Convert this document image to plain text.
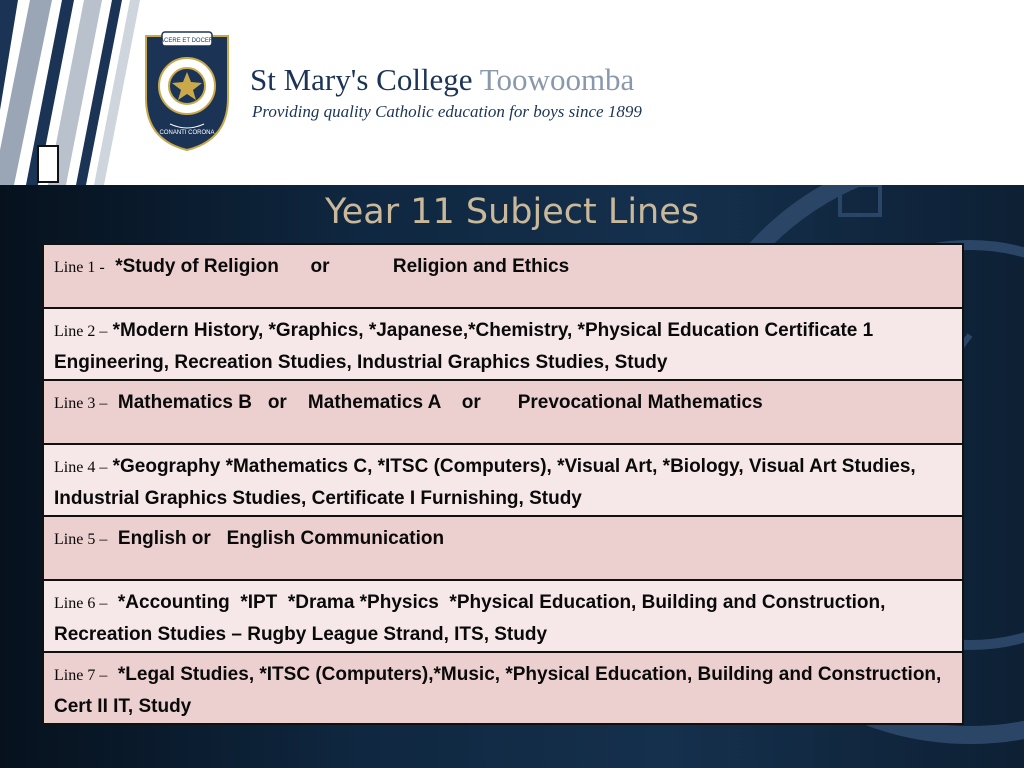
FACERE ET DOCERE
CONANTI CORONA
St Mary's College Toowoomba
Providing quality Catholic education for boys since 1899
Year 11 Subject Lines
Line 1 - *Study of Religion      or            Religion and Ethics
Line 2 – *Modern History, *Graphics, *Japanese,*Chemistry, *Physical Education Certificate 1 Engineering, Recreation Studies, Industrial Graphics Studies, Study
Line 3 – Mathematics B   or    Mathematics A    or       Prevocational Mathematics
Line 4 – *Geography *Mathematics C, *ITSC (Computers), *Visual Art, *Biology, Visual Art Studies, Industrial Graphics Studies, Certificate I Furnishing, Study
Line 5 – English or   English Communication
Line 6 – *Accounting  *IPT  *Drama *Physics  *Physical Education, Building and Construction, Recreation Studies – Rugby League Strand, ITS, Study
Line 7 – *Legal Studies, *ITSC (Computers),*Music, *Physical Education, Building and Construction, Cert II IT, Study
